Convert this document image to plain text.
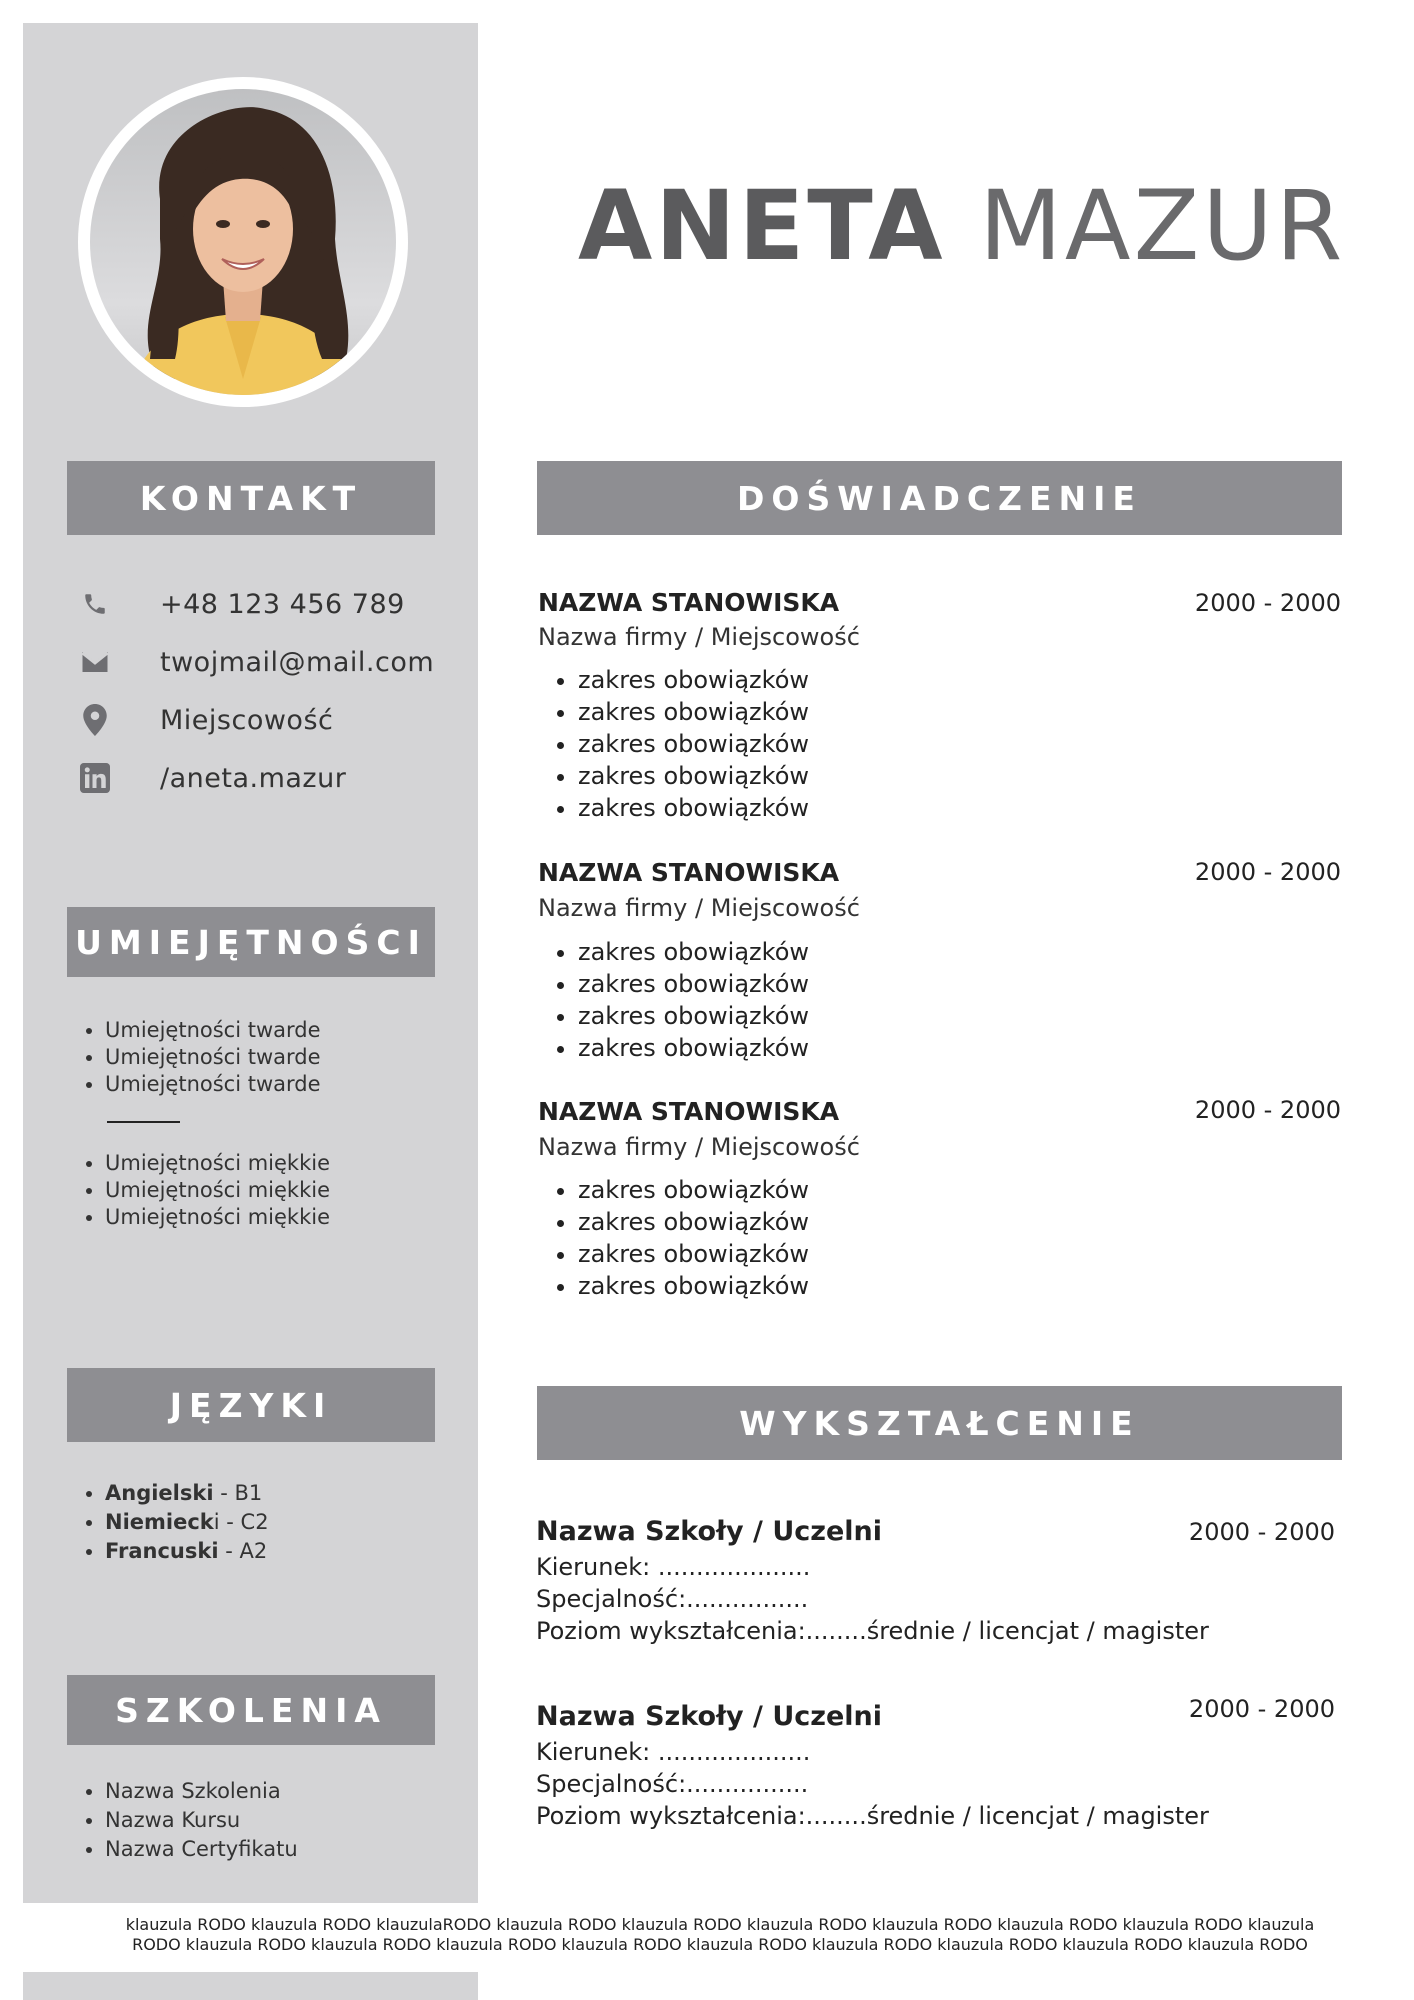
ANETA MAZUR
KONTAKT
UMIEJĘTNOŚCI
JĘZYKI
SZKOLENIA
DOŚWIADCZENIE
WYKSZTAŁCENIE
+48 123 456 789
twojmail@mail.com
Miejscowość
/aneta.mazur
• Umiejętności twarde
• Umiejętności twarde
• Umiejętności twarde
• Umiejętności miękkie
• Umiejętności miękkie
• Umiejętności miękkie
• Angielski - B1
• Niemiecki - C2
• Francuski - A2
• Nazwa Szkolenia
• Nazwa Kursu
• Nazwa Certyfikatu
NAZWA STANOWISKA	2000 - 2000
Nazwa firmy / Miejscowość
• zakres obowiązków
• zakres obowiązków
• zakres obowiązków
• zakres obowiązków
• zakres obowiązków
NAZWA STANOWISKA	2000 - 2000
Nazwa firmy / Miejscowość
• zakres obowiązków
• zakres obowiązków
• zakres obowiązków
• zakres obowiązków
NAZWA STANOWISKA	2000 - 2000
Nazwa firmy / Miejscowość
• zakres obowiązków
• zakres obowiązków
• zakres obowiązków
• zakres obowiązków
Nazwa Szkoły / Uczelni	2000 - 2000
Kierunek: ....................
Specjalność:................
Poziom wykształcenia:........średnie / licencjat / magister
Nazwa Szkoły / Uczelni	2000 - 2000
Kierunek: ....................
Specjalność:................
Poziom wykształcenia:........średnie / licencjat / magister
klauzula RODO klauzula RODO klauzulaRODO klauzula RODO klauzula RODO klauzula RODO klauzula RODO klauzula RODO klauzula RODO klauzula
RODO klauzula RODO klauzula RODO klauzula RODO klauzula RODO klauzula RODO klauzula RODO klauzula RODO klauzula RODO klauzula RODO
